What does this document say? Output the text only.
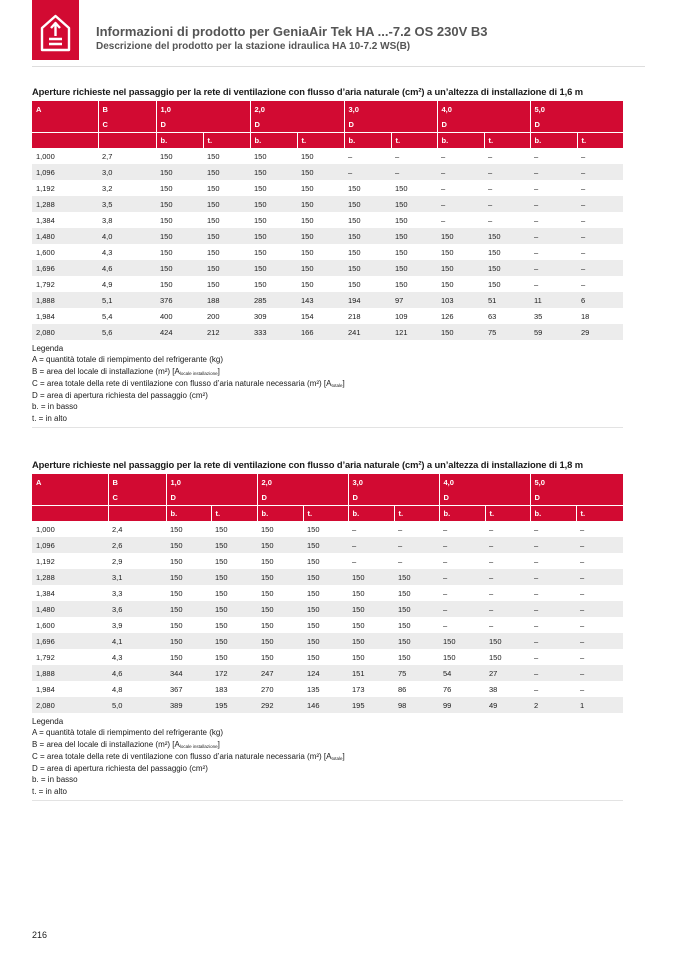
Informazioni di prodotto per GeniaAir Tek HA ...-7.2 OS 230V B3
Descrizione del prodotto per la stazione idraulica HA 10-7.2 WS(B)
Aperture richieste nel passaggio per la rete di ventilazione con flusso d’aria naturale (cm²) a un’altezza di installazione di 1,6 m
A	B	1,0		2,0		3,0		4,0		5,0	
	C	D		D		D		D		D	
		b.	t.	b.	t.	b.	t.	b.	t.	b.	t.
1,000	2,7	150	150	150	150	–	–	–	–	–	–
1,096	3,0	150	150	150	150	–	–	–	–	–	–
1,192	3,2	150	150	150	150	150	150	–	–	–	–
1,288	3,5	150	150	150	150	150	150	–	–	–	–
1,384	3,8	150	150	150	150	150	150	–	–	–	–
1,480	4,0	150	150	150	150	150	150	150	150	–	–
1,600	4,3	150	150	150	150	150	150	150	150	–	–
1,696	4,6	150	150	150	150	150	150	150	150	–	–
1,792	4,9	150	150	150	150	150	150	150	150	–	–
1,888	5,1	376	188	285	143	194	97	103	51	11	6
1,984	5,4	400	200	309	154	218	109	126	63	35	18
2,080	5,6	424	212	333	166	241	121	150	75	59	29
Legenda
A = quantità totale di riempimento del refrigerante (kg)
B = area del locale di installazione (m²) $[A_{locale installazione}]$
C = area totale della rete di ventilazione con flusso d’aria naturale necessaria (m²) $[A_{totale}]$
D = area di apertura richiesta del passaggio (cm²)
b. = in basso
t. = in alto
Aperture richieste nel passaggio per la rete di ventilazione con flusso d’aria naturale (cm²) a un’altezza di installazione di 1,8 m
A	B	1,0		2,0		3,0		4,0		5,0	
	C	D		D		D		D		D	
		b.	t.	b.	t.	b.	t.	b.	t.	b.	t.
1,000	2,4	150	150	150	150	–	–	–	–	–	–
1,096	2,6	150	150	150	150	–	–	–	–	–	–
1,192	2,9	150	150	150	150	–	–	–	–	–	–
1,288	3,1	150	150	150	150	150	150	–	–	–	–
1,384	3,3	150	150	150	150	150	150	–	–	–	–
1,480	3,6	150	150	150	150	150	150	–	–	–	–
1,600	3,9	150	150	150	150	150	150	–	–	–	–
1,696	4,1	150	150	150	150	150	150	150	150	–	–
1,792	4,3	150	150	150	150	150	150	150	150	–	–
1,888	4,6	344	172	247	124	151	75	54	27	–	–
1,984	4,8	367	183	270	135	173	86	76	38	–	–
2,080	5,0	389	195	292	146	195	98	99	49	2	1
Legenda
A = quantità totale di riempimento del refrigerante (kg)
B = area del locale di installazione (m²) $[A_{locale installazione}]$
C = area totale della rete di ventilazione con flusso d’aria naturale necessaria (m²) $[A_{totale}]$
D = area di apertura richiesta del passaggio (cm²)
b. = in basso
t. = in alto
216
